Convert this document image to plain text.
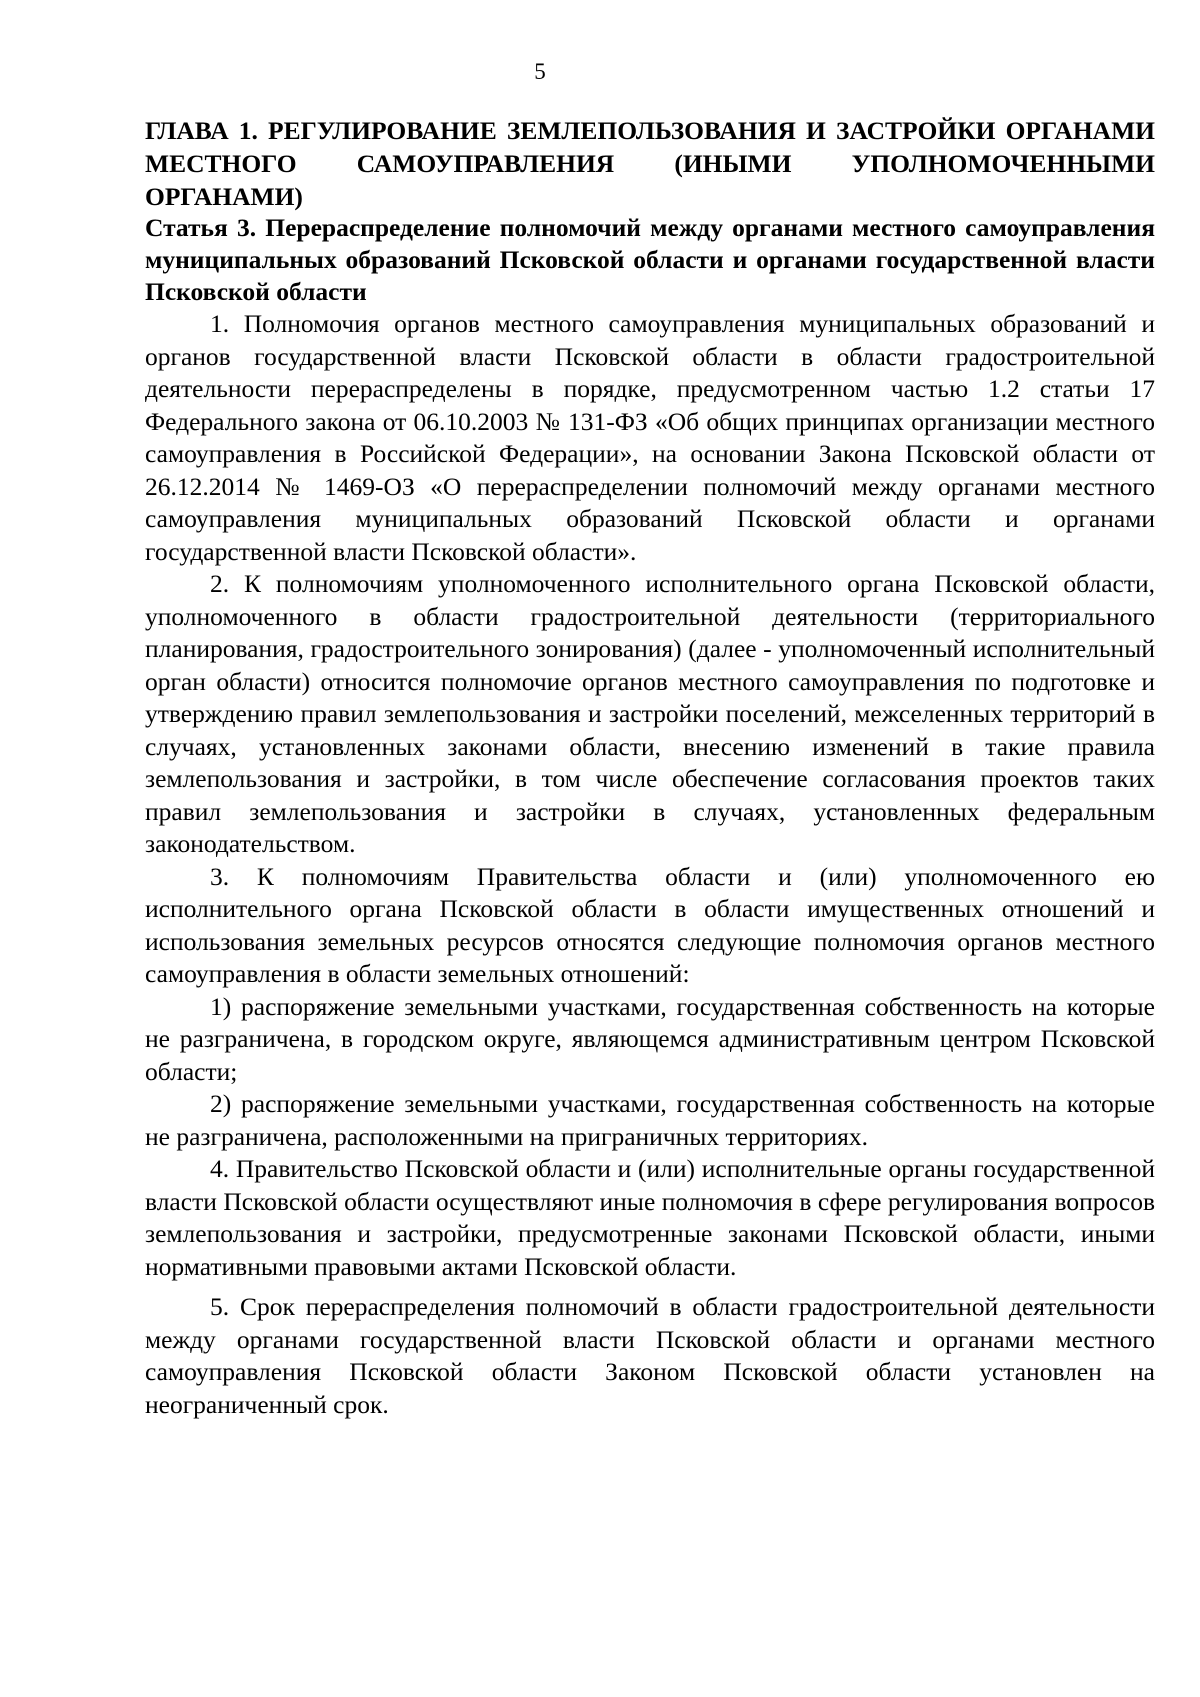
5
ГЛАВА 1. РЕГУЛИРОВАНИЕ ЗЕМЛЕПОЛЬЗОВАНИЯ И ЗАСТРОЙКИ ОРГАНАМИ МЕСТНОГО САМОУПРАВЛЕНИЯ (ИНЫМИ УПОЛНОМОЧЕННЫМИ ОРГАНАМИ)
Статья 3. Перераспределение полномочий между органами местного самоуправления муниципальных образований Псковской области и органами государственной власти Псковской области

1. Полномочия органов местного самоуправления муниципальных образований и органов государственной власти Псковской области в области градостроительной деятельности перераспределены в порядке, предусмотренном частью 1.2 статьи 17 Федерального закона от 06.10.2003 № 131-ФЗ «Об общих принципах организации местного самоуправления в Российской Федерации», на основании Закона Псковской области от 26.12.2014 № 1469-ОЗ «О перераспределении полномочий между органами местного самоуправления муниципальных образований Псковской области и органами государственной власти Псковской области».

2. К полномочиям уполномоченного исполнительного органа Псковской области, уполномоченного в области градостроительной деятельности (территориального планирования, градостроительного зонирования) (далее - уполномоченный исполнительный орган области) относится полномочие органов местного самоуправления по подготовке и утверждению правил землепользования и застройки поселений, межселенных территорий в случаях, установленных законами области, внесению изменений в такие правила землепользования и застройки, в том числе обеспечение согласования проектов таких правил землепользования и застройки в случаях, установленных федеральным законодательством.

3. К полномочиям Правительства области и (или) уполномоченного ею исполнительного органа Псковской области в области имущественных отношений и использования земельных ресурсов относятся следующие полномочия органов местного самоуправления в области земельных отношений:

1) распоряжение земельными участками, государственная собственность на которые не разграничена, в городском округе, являющемся административным центром Псковской области;

2) распоряжение земельными участками, государственная собственность на которые не разграничена, расположенными на приграничных территориях.

4. Правительство Псковской области и (или) исполнительные органы государственной власти Псковской области осуществляют иные полномочия в сфере регулирования вопросов землепользования и застройки, предусмотренные законами Псковской области, иными нормативными правовыми актами Псковской области.

5. Срок перераспределения полномочий в области градостроительной деятельности между органами государственной власти Псковской области и органами местного самоуправления Псковской области Законом Псковской области установлен на неограниченный срок.
